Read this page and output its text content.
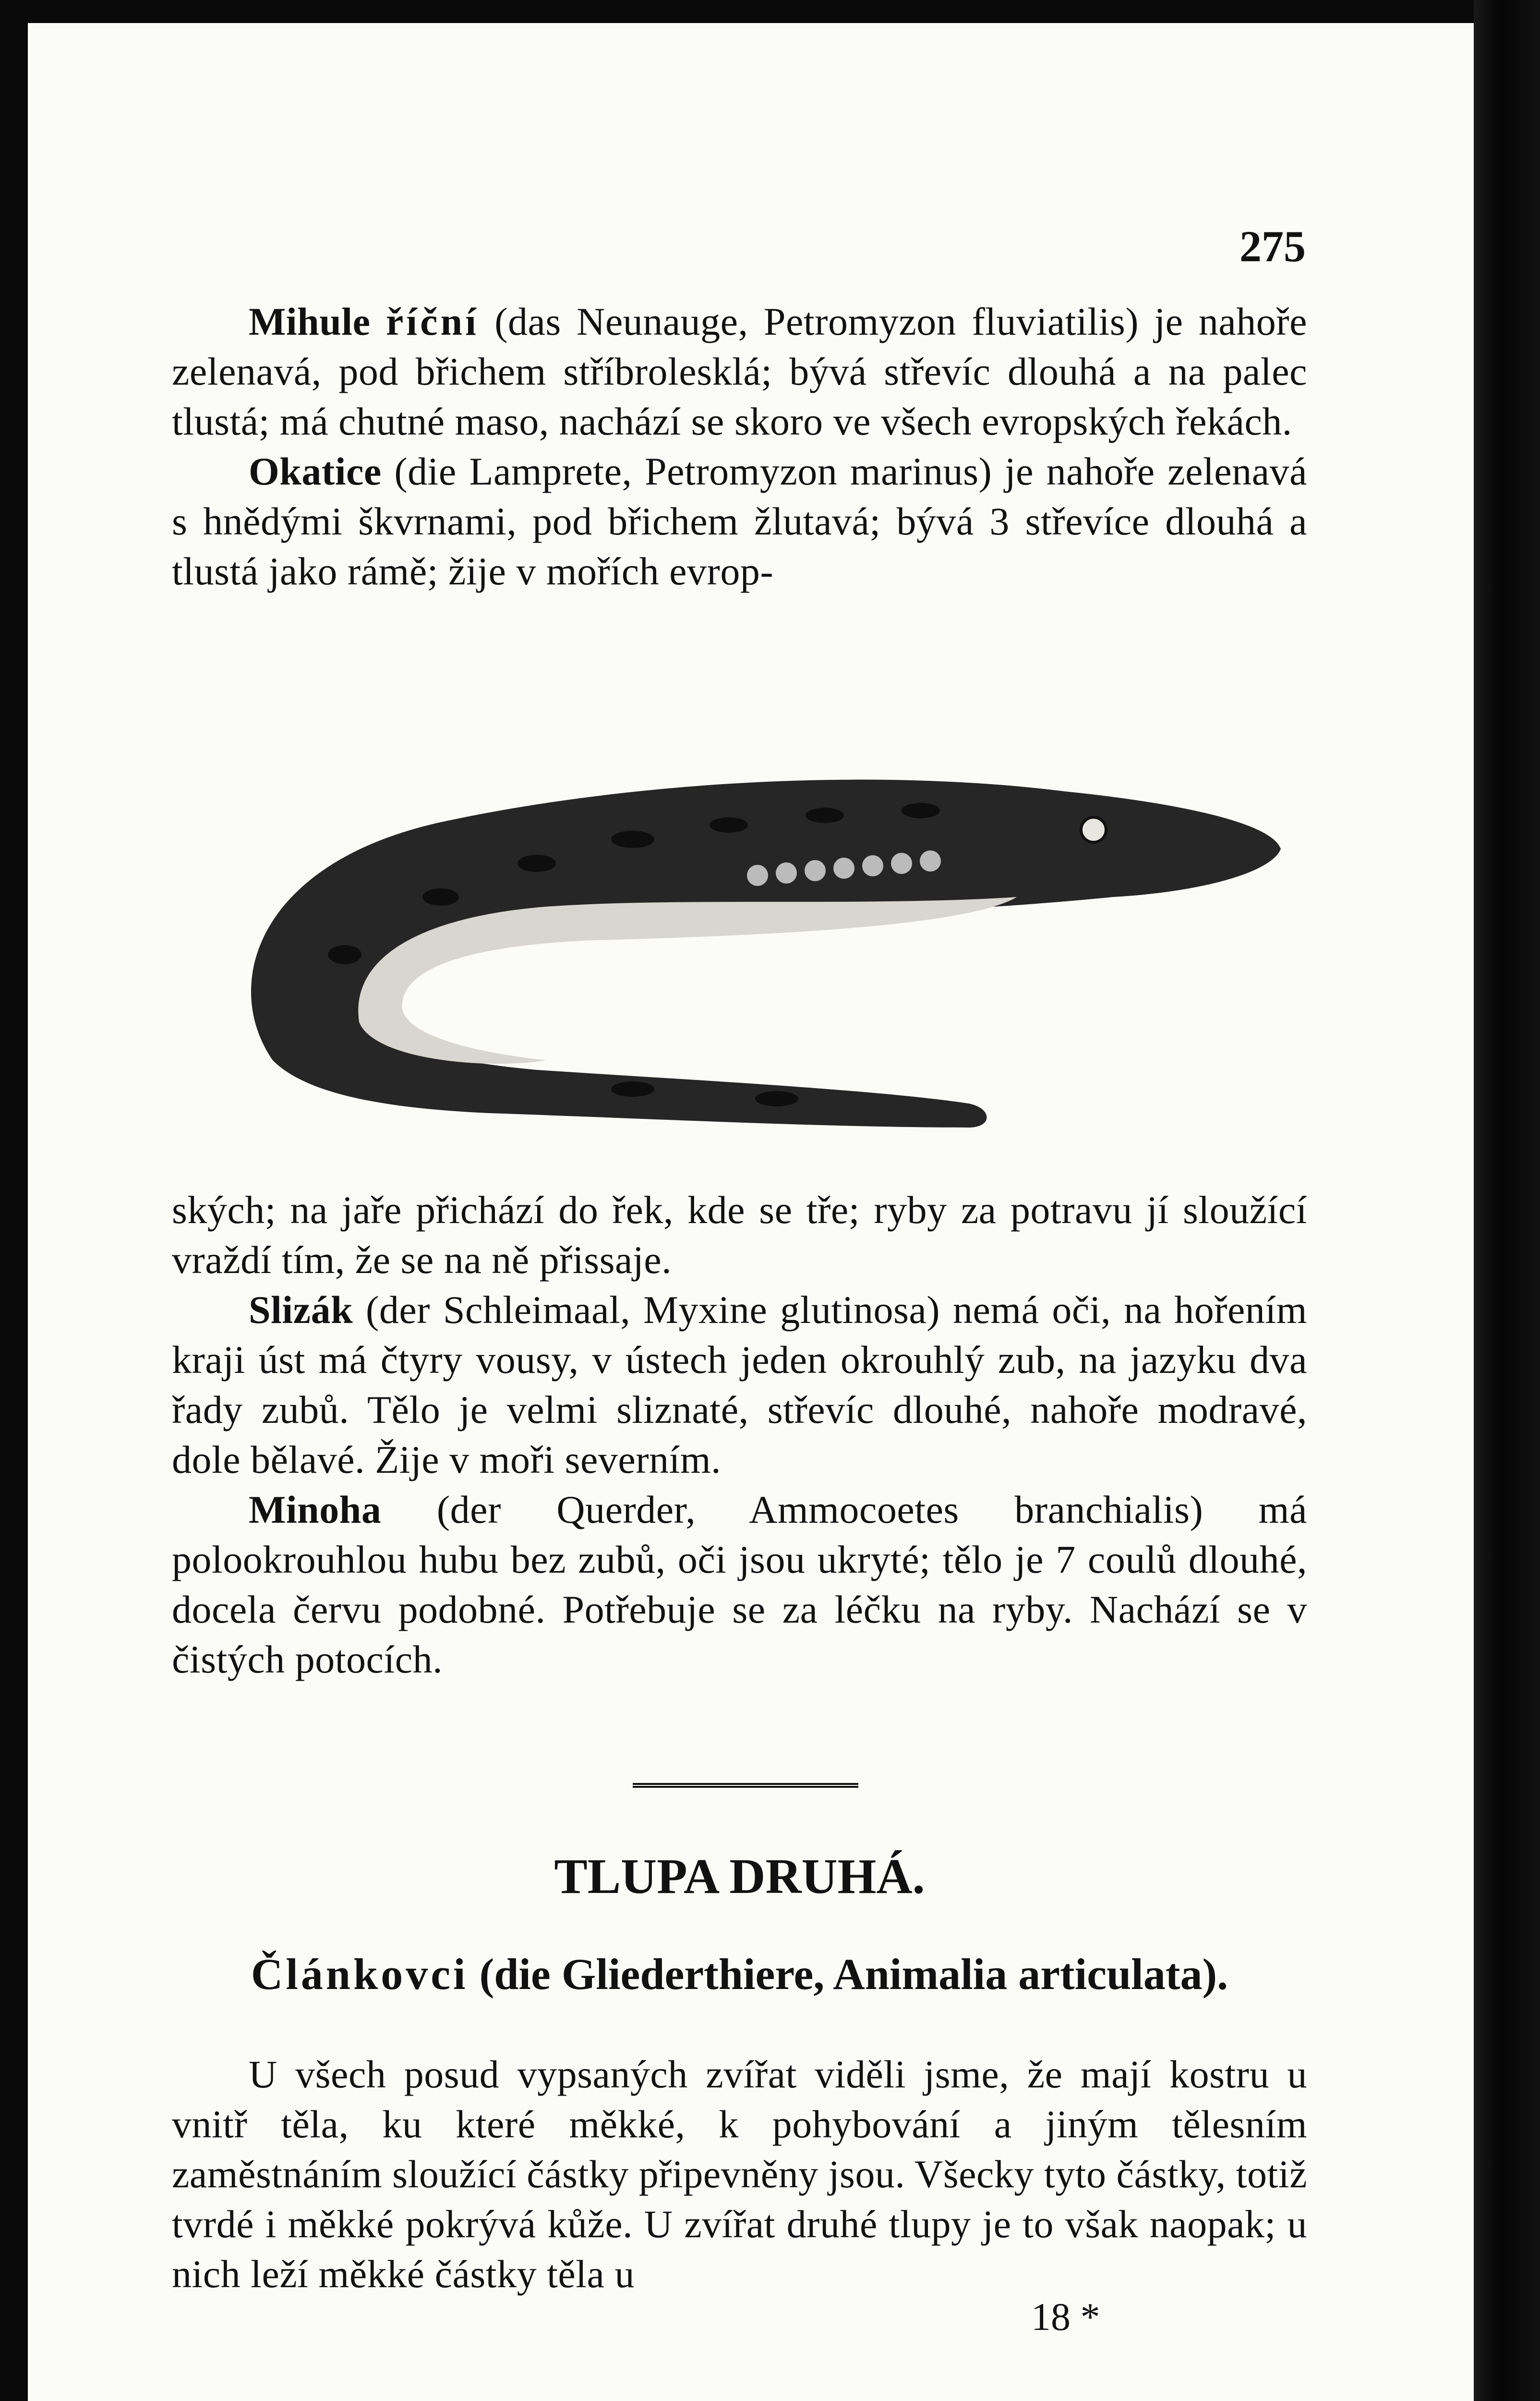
275

Mihule říční (das Neunauge, Petromyzon fluviatilis) je nahoře zelenavá, pod břichem stříbrolesklá; bývá střevíc dlouhá a na palec tlustá; má chutné maso, nachází se skoro ve všech evropských řekách.

Okatice (die Lamprete, Petromyzon marinus) je nahoře zelenavá s hnědými škvrnami, pod břichem žlutavá; bývá 3 střevíce dlouhá a tlustá jako rámě; žije v mořích evrop-

ských; na jaře přichází do řek, kde se tře; ryby za potravu jí sloužící vraždí tím, že se na ně přissaje.

Slizák (der Schleimaal, Myxine glutinosa) nemá oči, na hořením kraji úst má čtyry vousy, v ústech jeden okrouhlý zub, na jazyku dva řady zubů. Tělo je velmi sliznaté, střevíc dlouhé, nahoře modravé, dole bělavé. Žije v moři severním.

Minoha (der Querder, Ammocoetes branchialis) má polookrouhlou hubu bez zubů, oči jsou ukryté; tělo je 7 coulů dlouhé, docela červu podobné. Potřebuje se za léčku na ryby. Nachází se v čistých potocích.

TLUPA DRUHÁ.
Článkovci (die Gliederthiere, Animalia articulata).

U všech posud vypsaných zvířat viděli jsme, že mají kostru u vnitř těla, ku které měkké, k pohybování a jiným tělesním zaměstnáním sloužící částky připevněny jsou. Všecky tyto částky, totiž tvrdé i měkké pokrývá kůže. U zvířat druhé tlupy je to však naopak; u nich leží měkké částky těla u

18 *
